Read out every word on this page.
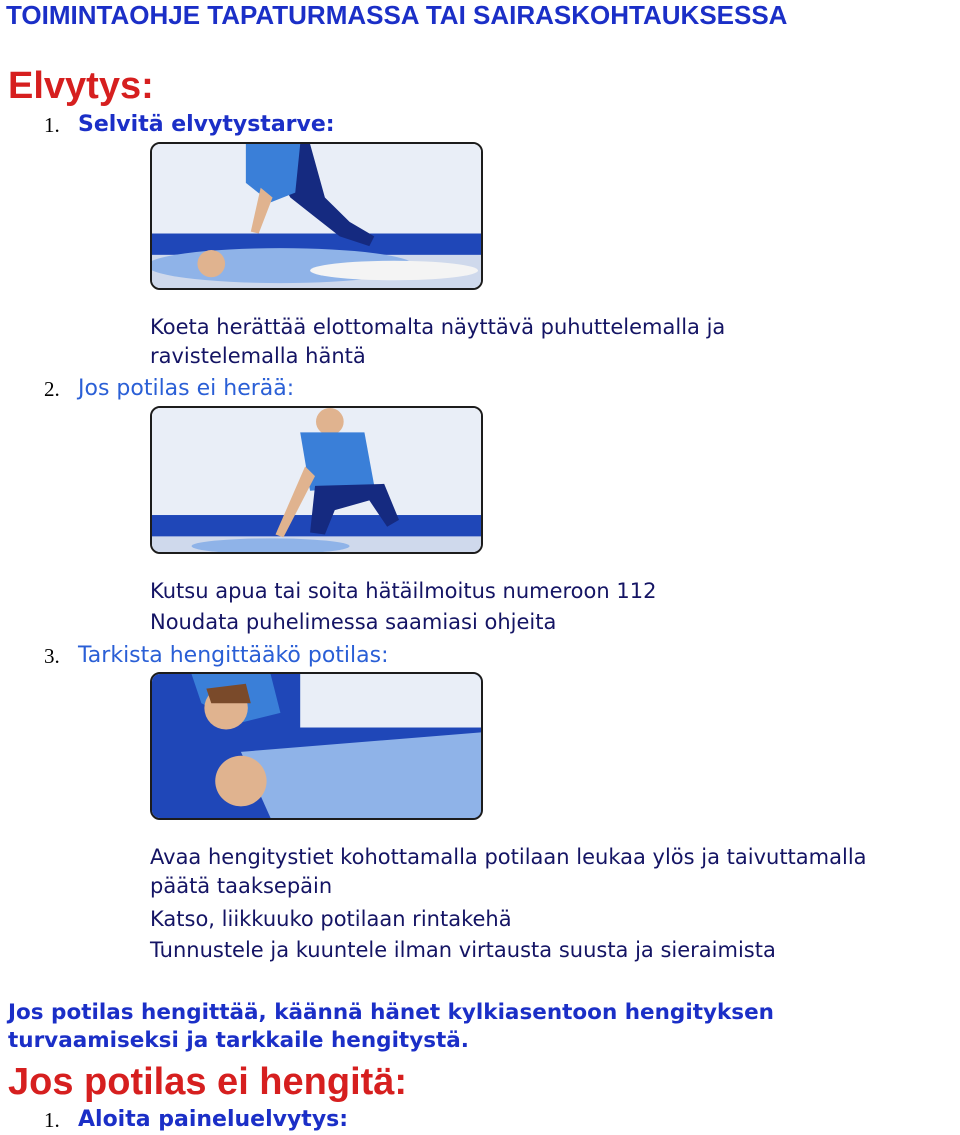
TOIMINTAOHJE TAPATURMASSA TAI SAIRASKOHTAUKSESSA
Elvytys:
1. Selvitä elvytystarve:
Koeta herättää elottomalta näyttävä puhuttelemalla ja ravistelemalla häntä
2. Jos potilas ei herää:
Kutsu apua tai soita hätäilmoitus numeroon 112
Noudata puhelimessa saamiasi ohjeita
3. Tarkista hengittääkö potilas:
Avaa hengitystiet kohottamalla potilaan leukaa ylös ja taivuttamalla päätä taaksepäin
Katso, liikkuuko potilaan rintakehä
Tunnustele ja kuuntele ilman virtausta suusta ja sieraimista
Jos potilas hengittää, käännä hänet kylkiasentoon hengityksen turvaamiseksi ja tarkkaile hengitystä.
Jos potilas ei hengitä:
1. Aloita paineluelvytys:
